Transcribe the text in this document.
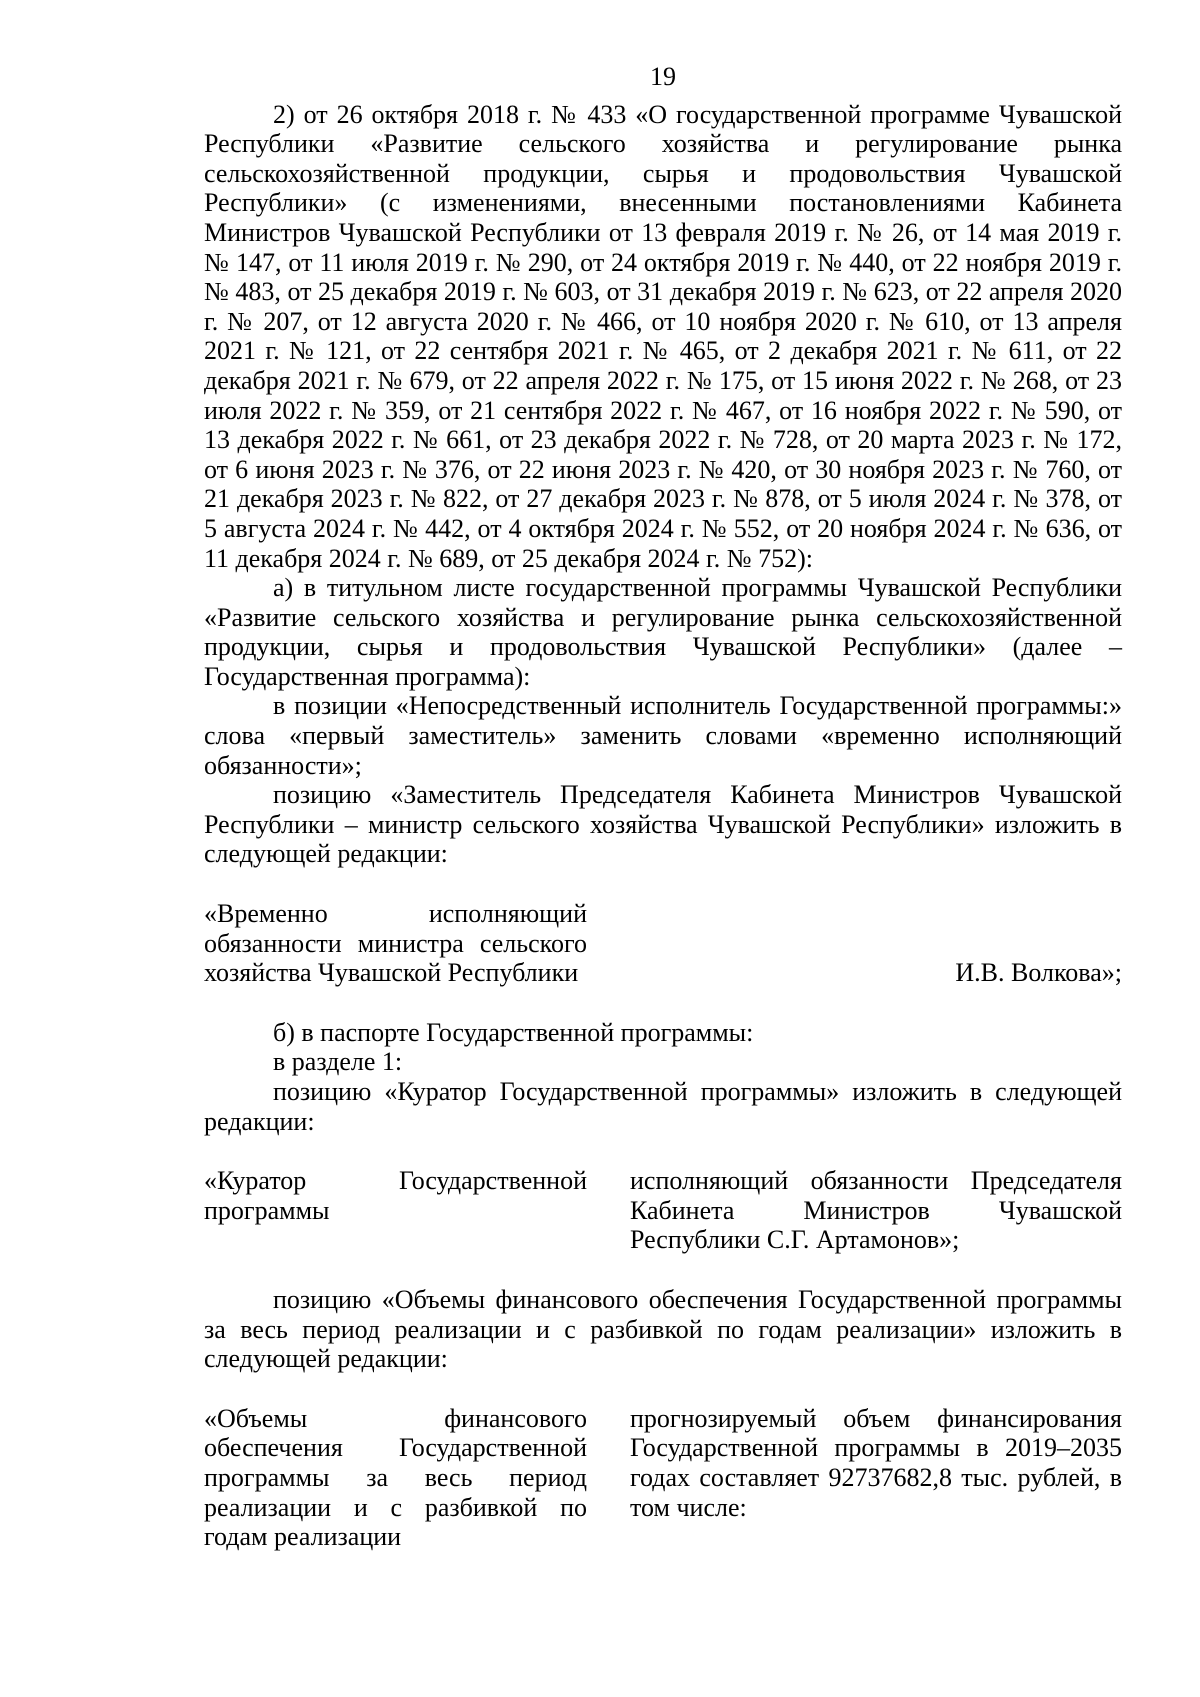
19

2) от 26 октября 2018 г. № 433 «О государственной программе Чувашской Республики «Развитие сельского хозяйства и регулирование рынка сельскохозяйственной продукции, сырья и продовольствия Чувашской Республики» (с изменениями, внесенными постановлениями Кабинета Министров Чувашской Республики от 13 февраля 2019 г. № 26, от 14 мая 2019 г. № 147, от 11 июля 2019 г. № 290, от 24 октября 2019 г. № 440, от 22 ноября 2019 г. № 483, от 25 декабря 2019 г. № 603, от 31 декабря 2019 г. № 623, от 22 апреля 2020 г. № 207, от 12 августа 2020 г. № 466, от 10 ноября 2020 г. № 610, от 13 апреля 2021 г. № 121, от 22 сентября 2021 г. № 465, от 2 декабря 2021 г. № 611, от 22 декабря 2021 г. № 679, от 22 апреля 2022 г. № 175, от 15 июня 2022 г. № 268, от 23 июля 2022 г. № 359, от 21 сентября 2022 г. № 467, от 16 ноября 2022 г. № 590, от 13 декабря 2022 г. № 661, от 23 декабря 2022 г. № 728, от 20 марта 2023 г. № 172, от 6 июня 2023 г. № 376, от 22 июня 2023 г. № 420, от 30 ноября 2023 г. № 760, от 21 декабря 2023 г. № 822, от 27 декабря 2023 г. № 878, от 5 июля 2024 г. № 378, от 5 августа 2024 г. № 442, от 4 октября 2024 г. № 552, от 20 ноября 2024 г. № 636, от 11 декабря 2024 г. № 689, от 25 декабря 2024 г. № 752):

а) в титульном листе государственной программы Чувашской Республики «Развитие сельского хозяйства и регулирование рынка сельскохозяйственной продукции, сырья и продовольствия Чувашской Республики» (далее – Государственная программа):

в позиции «Непосредственный исполнитель Государственной программы:» слова «первый заместитель» заменить словами «временно исполняющий обязанности»;

позицию «Заместитель Председателя Кабинета Министров Чувашской Республики – министр сельского хозяйства Чувашской Республики» изложить в следующей редакции:

«Временно исполняющий обязанности министра сельского хозяйства Чувашской Республики	И.В. Волкова»;

б) в паспорте Государственной программы:

в разделе 1:

позицию «Куратор Государственной программы» изложить в следующей редакции:

«Куратор Государственной программы
исполняющий обязанности Председателя Кабинета Министров Чувашской Республики С.Г. Артамонов»;

позицию «Объемы финансового обеспечения Государственной программы за весь период реализации и с разбивкой по годам реализации» изложить в следующей редакции:

«Объемы финансового обеспечения Государственной программы за весь период реализации и с разбивкой по годам реализации
прогнозируемый объем финансирования Государственной программы в 2019–2035 годах составляет 92737682,8 тыс. рублей, в том числе:
